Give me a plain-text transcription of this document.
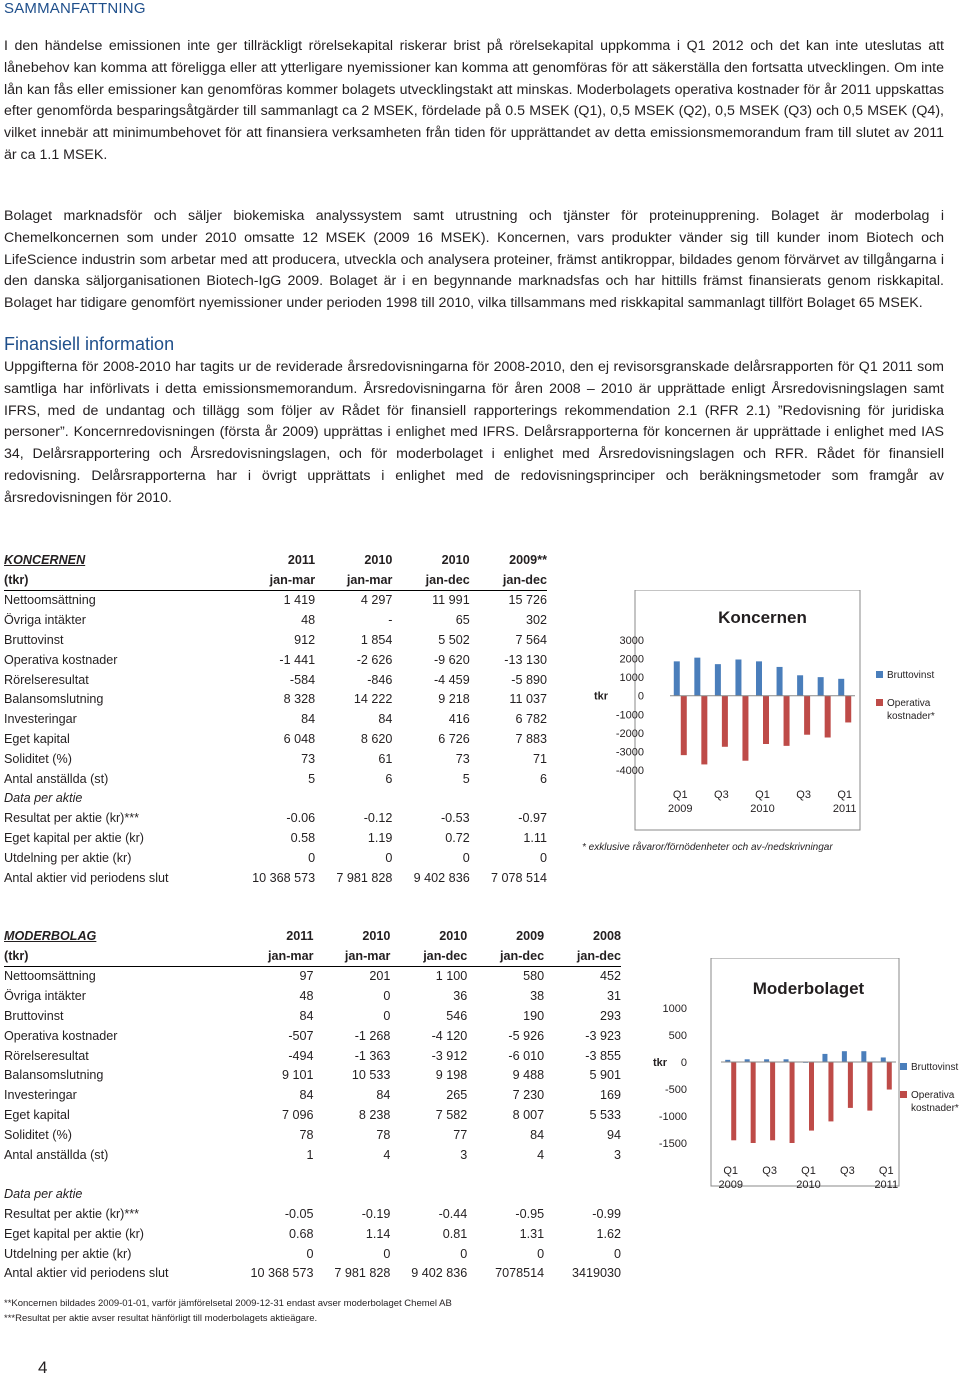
SAMMANFATTNING
I den händelse emissionen inte ger tillräckligt rörelsekapital riskerar brist på rörelsekapital uppkomma i Q1 2012 och det kan inte uteslutas att lånebehov kan komma att föreligga eller att ytterligare nyemissioner kan komma att genomföras för att säkerställa den fortsatta utvecklingen. Om inte lån kan fås eller emissioner kan genomföras kommer bolagets utvecklingstakt att minskas. Moderbolagets operativa kostnader för år 2011 uppskattas efter genomförda besparingsåtgärder till sammanlagt ca 2 MSEK, fördelade på 0.5 MSEK (Q1), 0,5 MSEK (Q2), 0,5 MSEK (Q3) och 0,5 MSEK (Q4), vilket innebär att minimumbehovet för att finansiera verksamheten från tiden för upprättandet av detta emissionsmemorandum fram till slutet av 2011 är ca 1.1 MSEK.
Bolaget marknadsför och säljer biokemiska analyssystem samt utrustning och tjänster för proteinupprening. Bolaget är moderbolag i Chemelkoncernen som under 2010 omsatte 12 MSEK (2009 16 MSEK). Koncernen, vars produkter vänder sig till kunder inom Biotech och LifeScience industrin som arbetar med att producera, utveckla och analysera proteiner, främst antikroppar, bildades genom förvärvet av tillgångarna i den danska säljorganisationen Biotech-IgG 2009. Bolaget är i en begynnande marknadsfas och har hittills främst finansierats genom riskkapital. Bolaget har tidigare genomfört nyemissioner under perioden 1998 till 2010, vilka tillsammans med riskkapital sammanlagt tillfört Bolaget 65 MSEK.
Finansiell information
Uppgifterna för 2008-2010 har tagits ur de reviderade årsredovisningarna för 2008-2010, den ej revisorsgranskade delårsrapporten för Q1 2011 som samtliga har införlivats i detta emissionsmemorandum. Årsredovisningarna för åren 2008 – 2010 är upprättade enligt Årsredovisningslagen samt IFRS, med de undantag och tillägg som följer av Rådet för finansiell rapporterings rekommendation 2.1 (RFR 2.1) ”Redovisning för juridiska personer”. Koncernredovisningen (första år 2009) upprättas i enlighet med IFRS. Delårsrapporterna för koncernen är upprättade i enlighet med IAS 34, Delårsrapportering och Årsredovisningslagen, och för moderbolaget i enlighet med Årsredovisningslagen och RFR. Rådet för finansiell redovisning. Delårsrapporterna har i övrigt upprättats i enlighet med de redovisningsprinciper och beräkningsmetoder som framgår av årsredovisningen för 2010.
KONCERNEN	2011	2010	2010	2009**
(tkr)	jan-mar	jan-mar	jan-dec	jan-dec
Nettoomsättning	1 419	4 297	11 991	15 726
Övriga intäkter	48	-	65	302
Bruttovinst	912	1 854	5 502	7 564
Operativa kostnader	-1 441	-2 626	-9 620	-13 130
Rörelseresultat	-584	-846	-4 459	-5 890
Balansomslutning	8 328	14 222	9 218	11 037
Investeringar	84	84	416	6 782
Eget kapital	6 048	8 620	6 726	7 883
Soliditet (%)	73	61	73	71
Antal anställda (st)	5	6	5	6
Data per aktie				
Resultat per aktie (kr)***	-0.06	-0.12	-0.53	-0.97
Eget kapital per aktie (kr)	0.58	1.19	0.72	1.11
Utdelning per aktie (kr)	0	0	0	0
Antal aktier vid periodens slut	10 368 573	7 981 828	9 402 836	7 078 514
MODERBOLAG	2011	2010	2010	2009	2008
(tkr)	jan-mar	jan-mar	jan-dec	jan-dec	jan-dec
Nettoomsättning	97	201	1 100	580	452
Övriga intäkter	48	0	36	38	31
Bruttovinst	84	0	546	190	293
Operativa kostnader	-507	-1 268	-4 120	-5 926	-3 923
Rörelseresultat	-494	-1 363	-3 912	-6 010	-3 855
Balansomslutning	9 101	10 533	9 198	9 488	5 901
Investeringar	84	84	265	7 230	169
Eget kapital	7 096	8 238	7 582	8 007	5 533
Soliditet (%)	78	78	77	84	94
Antal anställda (st)	1	4	3	4	3

Data per aktie					
Resultat per aktie (kr)***	-0.05	-0.19	-0.44	-0.95	-0.99
Eget kapital per aktie (kr)	0.68	1.14	0.81	1.31	1.62
Utdelning per aktie (kr)	0	0	0	0	0
Antal aktier vid periodens slut	10 368 573	7 981 828	9 402 836	7078514	3419030
Koncernen
3000
2000
1000
0
-1000
-2000
-3000
-4000
tkr
Q1
2009
Q3 Q1
2010
Q3 Q1
2011
Bruttovinst
Operativa
kostnader*
* exklusive råvaror/förnödenheter och av-/nedskrivningar
Moderbolaget
1000
500
0
-500
-1000
-1500
tkr
Q1
2009
Q3 Q1
2010
Q3 Q1
2011
Bruttovinst
Operativa
kostnader*
**Koncernen bildades 2009-01-01, varför jämförelsetal 2009-12-31 endast avser moderbolaget Chemel AB
***Resultat per aktie avser resultat hänförligt till moderbolagets aktieägare.
4
